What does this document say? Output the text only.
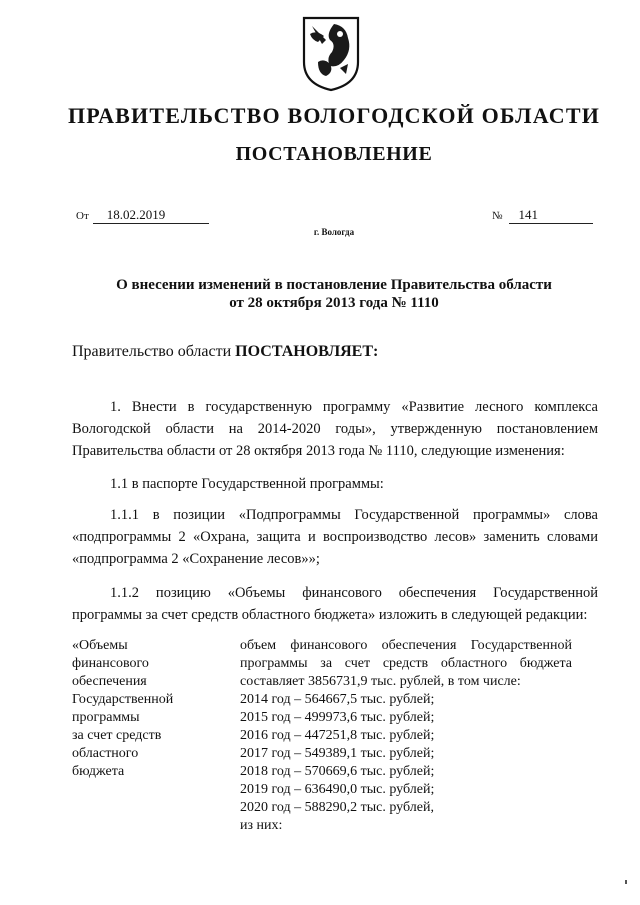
ПРАВИТЕЛЬСТВО ВОЛОГОДСКОЙ ОБЛАСТИ
ПОСТАНОВЛЕНИЕ
От 18.02.2019	№ 141
г. Вологда
О внесении изменений в постановление Правительства области
от 28 октября 2013 года № 1110
Правительство области ПОСТАНОВЛЯЕТ:
1. Внести в государственную программу «Развитие лесного комплекса Вологодской области на 2014-2020 годы», утвержденную постановлением Правительства области от 28 октября 2013 года № 1110, следующие изменения:
1.1 в паспорте Государственной программы:
1.1.1 в позиции «Подпрограммы Государственной программы» слова «подпрограммы 2 «Охрана, защита и воспроизводство лесов» заменить словами «подпрограмма 2 «Сохранение лесов»»;
1.1.2 позицию «Объемы финансового обеспечения Государственной программы за счет средств областного бюджета» изложить в следующей редакции:
«Объемы
финансового
обеспечения
Государственной
программы
за счет средств
областного
бюджета
объем финансового обеспечения Государственной программы за счет средств областного бюджета
составляет 3856731,9 тыс. рублей, в том числе:
2014 год – 564667,5 тыс. рублей;
2015 год – 499973,6 тыс. рублей;
2016 год – 447251,8 тыс. рублей;
2017 год – 549389,1 тыс. рублей;
2018 год – 570669,6 тыс. рублей;
2019 год – 636490,0 тыс. рублей;
2020 год – 588290,2 тыс. рублей,
из них:
